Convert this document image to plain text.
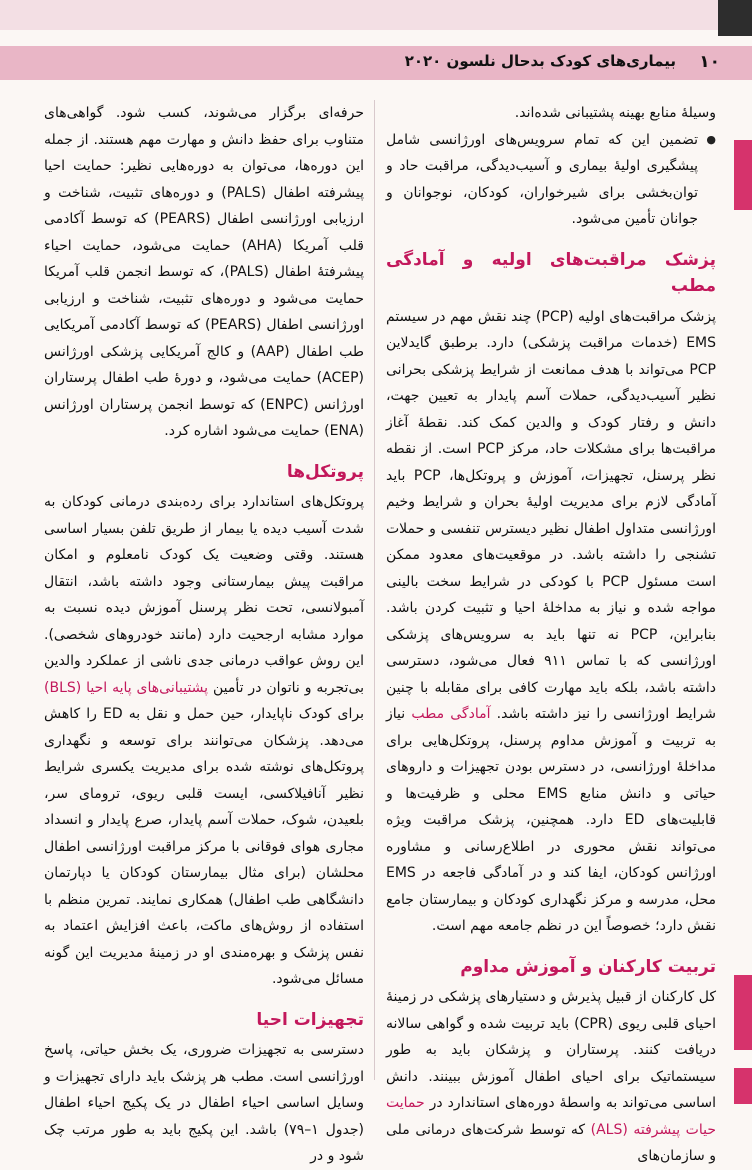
بیماری‌های کودک بدحال نلسون ۲۰۲۰ ۱۰

وسیلهٔ منابع بهینه پشتیبانی شده‌اند.

● تضمین این که تمام سرویس‌های اورژانسی شامل پیشگیری اولیهٔ بیماری و آسیب‌دیدگی، مراقبت حاد و توان‌بخشی برای شیرخواران، کودکان، نوجوانان و جوانان تأمین می‌شود.
پزشک مراقبت‌های اولیه و آمادگی مطب

پزشک مراقبت‌های اولیه (PCP) چند نقش مهم در سیستم EMS (خدمات مراقبت پزشکی) دارد. برطبق گایدلاین PCP می‌تواند با هدف ممانعت از شرایط پزشکی بحرانی نظیر آسیب‌دیدگی، حملات آسم پایدار به تعیین جهت، دانش و رفتار کودک و والدین کمک کند. نقطهٔ آغاز مراقبت‌ها برای مشکلات حاد، مرکز PCP است. از نقطه نظر پرسنل، تجهیزات، آموزش و پروتکل‌ها، PCP باید آمادگی لازم برای مدیریت اولیهٔ بحران و شرایط وخیم اورژانسی متداول اطفال نظیر دیسترس تنفسی و حملات تشنجی را داشته باشد. در موقعیت‌های معدود ممکن است مسئول PCP با کودکی در شرایط سخت بالینی مواجه شده و نیاز به مداخلهٔ احیا و تثبیت کردن باشد. بنابراین، PCP نه تنها باید به سرویس‌های پزشکی اورژانسی که با تماس ۹۱۱ فعال می‌شود، دسترسی داشته باشد، بلکه باید مهارت کافی برای مقابله با چنین شرایط اورژانسی را نیز داشته باشد. آمادگی مطب نیاز به تربیت و آموزش مداوم پرسنل، پروتکل‌هایی برای مداخلهٔ اورژانسی، در دسترس بودن تجهیزات و داروهای حیاتی و دانش منابع EMS محلی و ظرفیت‌ها و قابلیت‌های ED دارد. همچنین، پزشک مراقبت ویژه می‌تواند نقش محوری در اطلاع‌رسانی و مشاوره اورژانس کودکان، ایفا کند و در آمادگی فاجعه در EMS محل، مدرسه و مرکز نگهداری کودکان و بیمارستان جامع نقش دارد؛ خصوصاً این در نظم جامعه مهم است.

تربیت کارکنان و آموزش مداوم

کل کارکنان از قبیل پذیرش و دستیارهای پزشکی در زمینهٔ احیای قلبی ریوی (CPR) باید تربیت شده و گواهی سالانه دریافت کنند. پرستاران و پزشکان باید به طور سیستماتیک برای احیای اطفال آموزش ببینند. دانش اساسی می‌تواند به واسطهٔ دوره‌های استاندارد در حمایت حیات پیشرفته (ALS) که توسط شرکت‌های درمانی ملی و سازمان‌های

حرفه‌ای برگزار می‌شوند، کسب شود. گواهی‌های متناوب برای حفظ دانش و مهارت مهم هستند. از جمله این دوره‌ها، می‌توان به دوره‌هایی نظیر: حمایت احیا پیشرفته اطفال (PALS) و دوره‌های تثبیت، شناخت و ارزیابی اورژانسی اطفال (PEARS) که توسط آکادمی قلب آمریکا (AHA) حمایت می‌شود، حمایت احیاء پیشرفتهٔ اطفال (PALS)، که توسط انجمن قلب آمریکا حمایت می‌شود و دوره‌های تثبیت، شناخت و ارزیابی اورژانسی اطفال (PEARS) که توسط آکادمی آمریکایی طب اطفال (AAP) و کالج آمریکایی پزشکی اورژانس (ACEP) حمایت می‌شود، و دورهٔ طب اطفال پرستاران اورژانس (ENPC) که توسط انجمن پرستاران اورژانس (ENA) حمایت می‌شود اشاره کرد.

پروتکل‌ها

پروتکل‌های استاندارد برای رده‌بندی درمانی کودکان به شدت آسیب دیده یا بیمار از طریق تلفن بسیار اساسی هستند. وقتی وضعیت یک کودک نامعلوم و امکان مراقبت پیش بیمارستانی وجود داشته باشد، انتقال آمبولانسی، تحت نظر پرسنل آموزش دیده نسبت به موارد مشابه ارجحیت دارد (مانند خودروهای شخصی). این روش عواقب درمانی جدی ناشی از عملکرد والدین بی‌تجربه و ناتوان در تأمین پشتیبانی‌های پایه احیا (BLS) برای کودک ناپایدار، حین حمل و نقل به ED را کاهش می‌دهد. پزشکان می‌توانند برای توسعه و نگهداری پروتکل‌های نوشته شده برای مدیریت یکسری شرایط نظیر آنافیلاکسی، ایست قلبی ریوی، ترومای سر، بلعیدن، شوک، حملات آسم پایدار، صرع پایدار و انسداد مجاری هوای فوقانی با مرکز مراقبت اورژانسی اطفال محلشان (برای مثال بیمارستان کودکان یا دپارتمان دانشگاهی طب اطفال) همکاری نمایند. تمرین منظم با استفاده از روش‌های ماکت، باعث افزایش اعتماد به نفس پزشک و بهره‌مندی او در زمینهٔ مدیریت این گونه مسائل می‌شود.

تجهیزات احیا

دسترسی به تجهیزات ضروری، یک بخش حیاتی، پاسخ اورژانسی است. مطب هر پزشک باید دارای تجهیزات و وسایل اساسی احیاء اطفال در یک پکیج احیاء اطفال (جدول ۱–۷۹) باشد. این پکیج باید به طور مرتب چک شود و در
